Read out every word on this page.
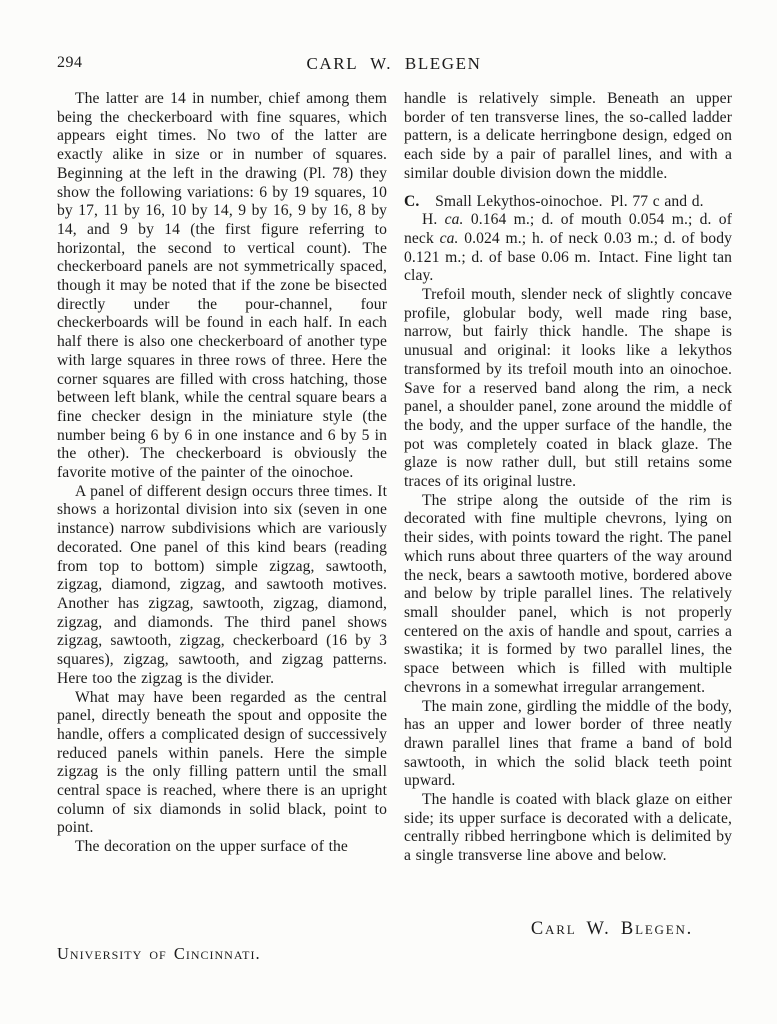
294	CARL W. BLEGEN

The latter are 14 in number, chief among them being the checkerboard with fine squares, which appears eight times. No two of the latter are exactly alike in size or in number of squares. Beginning at the left in the drawing (Pl. 78) they show the following variations: 6 by 19 squares, 10 by 17, 11 by 16, 10 by 14, 9 by 16, 9 by 16, 8 by 14, and 9 by 14 (the first figure referring to horizontal, the second to vertical count). The checkerboard panels are not symmetrically spaced, though it may be noted that if the zone be bisected directly under the pour-channel, four checkerboards will be found in each half. In each half there is also one checkerboard of another type with large squares in three rows of three. Here the corner squares are filled with cross hatching, those between left blank, while the central square bears a fine checker design in the miniature style (the number being 6 by 6 in one instance and 6 by 5 in the other). The checkerboard is obviously the favorite motive of the painter of the oinochoe.

A panel of different design occurs three times. It shows a horizontal division into six (seven in one instance) narrow subdivisions which are variously decorated. One panel of this kind bears (reading from top to bottom) simple zigzag, sawtooth, zigzag, diamond, zigzag, and sawtooth motives. Another has zigzag, sawtooth, zigzag, diamond, zigzag, and diamonds. The third panel shows zigzag, sawtooth, zigzag, checkerboard (16 by 3 squares), zigzag, sawtooth, and zigzag patterns. Here too the zigzag is the divider.

What may have been regarded as the central panel, directly beneath the spout and opposite the handle, offers a complicated design of successively reduced panels within panels. Here the simple zigzag is the only filling pattern until the small central space is reached, where there is an upright column of six diamonds in solid black, point to point.

The decoration on the upper surface of the

handle is relatively simple. Beneath an upper border of ten transverse lines, the so-called ladder pattern, is a delicate herringbone design, edged on each side by a pair of parallel lines, and with a similar double division down the middle.

C. Small Lekythos-oinochoe. Pl. 77 c and d.

H. ca. 0.164 m.; d. of mouth 0.054 m.; d. of neck ca. 0.024 m.; h. of neck 0.03 m.; d. of body 0.121 m.; d. of base 0.06 m. Intact. Fine light tan clay.

Trefoil mouth, slender neck of slightly concave profile, globular body, well made ring base, narrow, but fairly thick handle. The shape is unusual and original: it looks like a lekythos transformed by its trefoil mouth into an oinochoe. Save for a reserved band along the rim, a neck panel, a shoulder panel, zone around the middle of the body, and the upper surface of the handle, the pot was completely coated in black glaze. The glaze is now rather dull, but still retains some traces of its original lustre.

The stripe along the outside of the rim is decorated with fine multiple chevrons, lying on their sides, with points toward the right. The panel which runs about three quarters of the way around the neck, bears a sawtooth motive, bordered above and below by triple parallel lines. The relatively small shoulder panel, which is not properly centered on the axis of handle and spout, carries a swastika; it is formed by two parallel lines, the space between which is filled with multiple chevrons in a somewhat irregular arrangement.

The main zone, girdling the middle of the body, has an upper and lower border of three neatly drawn parallel lines that frame a band of bold sawtooth, in which the solid black teeth point upward.

The handle is coated with black glaze on either side; its upper surface is decorated with a delicate, centrally ribbed herringbone which is delimited by a single transverse line above and below.

Carl W. Blegen.
University of Cincinnati.
